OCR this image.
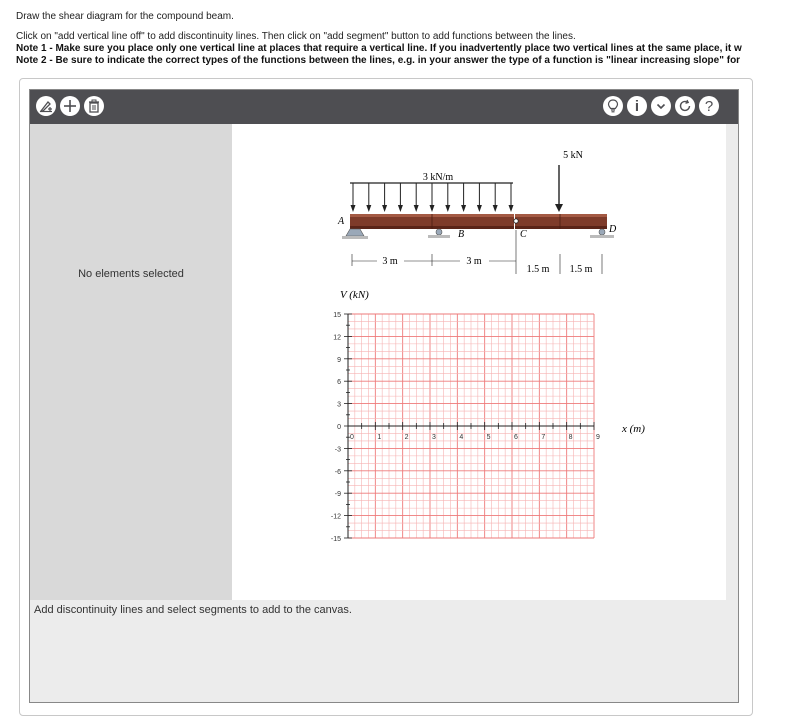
Draw the shear diagram for the compound beam.
Click on "add vertical line off" to add discontinuity lines. Then click on "add segment" button to add functions between the lines.
Note 1 - Make sure you place only one vertical line at places that require a vertical line. If you inadvertently place two vertical lines at the same place, it w
Note 2 - Be sure to indicate the correct types of the functions between the lines, e.g. in your answer the type of a function is "linear increasing slope" for
i	?
No elements selected
3 kN/m
5 kN
A
B	C	D
3 m	3 m
1.5 m 1.5 m
V (kN)
x (m)
0	1	2	3	4	5	6	7	8	9
15
12
9
6
3
0
-3
-6
-9
-12
-15
Add discontinuity lines and select segments to add to the canvas.
